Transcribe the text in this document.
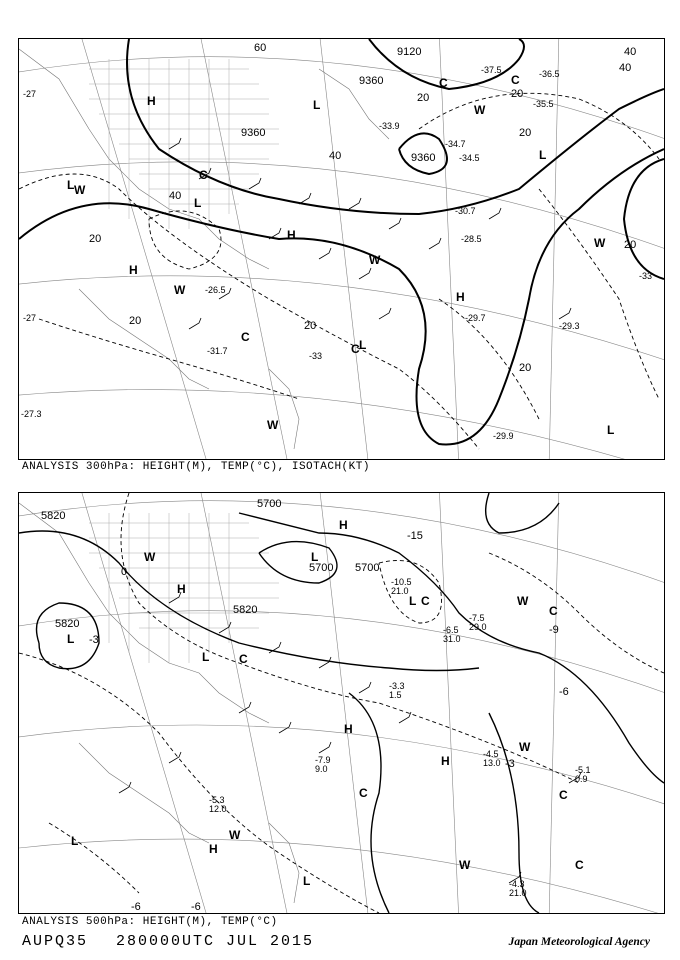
9120
9360
9360
9360
20	20
20
20
20	20
20
20
40
40
40
40
60
-27
-27
-30.7
-28.5
-34.5
-36.5
-37.5
-33.9
-29.7
-29.3
-31.7
-26.5
-35.5
-34.7
-33
-33
-29.9
-27.3
H
H
H
H
L
L
L
L
L
L
W
W
W
W
W
W
C
C
C
C
C
ANALYSIS 300hPa: HEIGHT(M), TEMP(°C), ISOTACH(KT)
5820
5820
5700
5700 5700
5820
0
-3
-15
-9
-6
-3
-6	-6
-10.5
21.0
-6.5
31.0
-7.5
29.0
-4.5
13.0
-5.1
0.9
-4.3
21.0
-5.3
12.0
-7.9
9.0
-3.3
1.5
H
H
H
H
H
L
L
L
L
L
L
W
W
W
W
W
C
C
C
C	C
C
ANALYSIS 500hPa: HEIGHT(M), TEMP(°C)
AUPQ35 280000UTC JUL 2015	Japan Meteorological Agency
